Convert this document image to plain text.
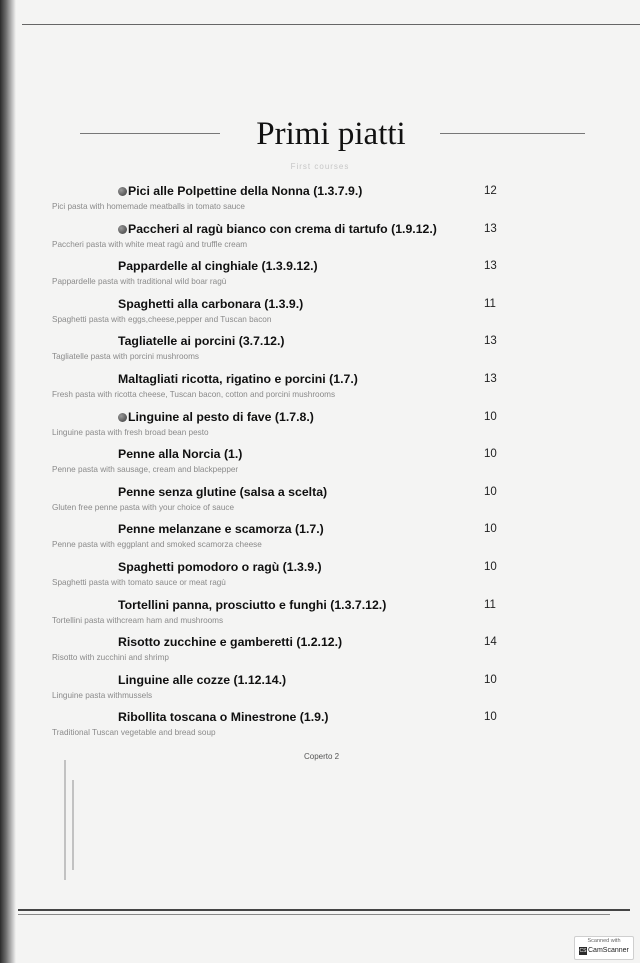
Primi piatti
First courses
Pici alle Polpettine della Nonna (1.3.7.9.)	12
Pici pasta with homemade meatballs in tomato sauce
Paccheri al ragù bianco con crema di tartufo (1.9.12.)	13
Paccheri pasta with white meat ragù and truffle cream
Pappardelle al cinghiale (1.3.9.12.)	13
Pappardelle pasta with traditional wild boar ragù
Spaghetti alla carbonara (1.3.9.)	11
Spaghetti pasta with eggs,cheese,pepper and Tuscan bacon
Tagliatelle ai porcini (3.7.12.)	13
Tagliatelle pasta with porcini mushrooms
Maltagliati ricotta, rigatino e porcini (1.7.)	13
Fresh pasta with ricotta cheese, Tuscan bacon, cotton and porcini mushrooms
Linguine al pesto di fave (1.7.8.)	10
Linguine pasta with fresh broad bean pesto
Penne alla Norcia (1.)	10
Penne pasta with sausage, cream and blackpepper
Penne senza glutine (salsa a scelta)	10
Gluten free penne pasta with your choice of sauce
Penne melanzane e scamorza (1.7.)	10
Penne pasta with eggplant and smoked scamorza cheese
Spaghetti pomodoro o ragù (1.3.9.)	10
Spaghetti pasta with tomato sauce or meat ragù
Tortellini panna, prosciutto e funghi (1.3.7.12.)	11
Tortellini pasta withcream ham and mushrooms
Risotto zucchine e gamberetti (1.2.12.)	14
Risotto with zucchini and shrimp
Linguine alle cozze (1.12.14.)	10
Linguine pasta withmussels
Ribollita toscana o Minestrone (1.9.)	10
Traditional Tuscan vegetable and bread soup
Coperto 2
Scanned with
CS CamScanner
